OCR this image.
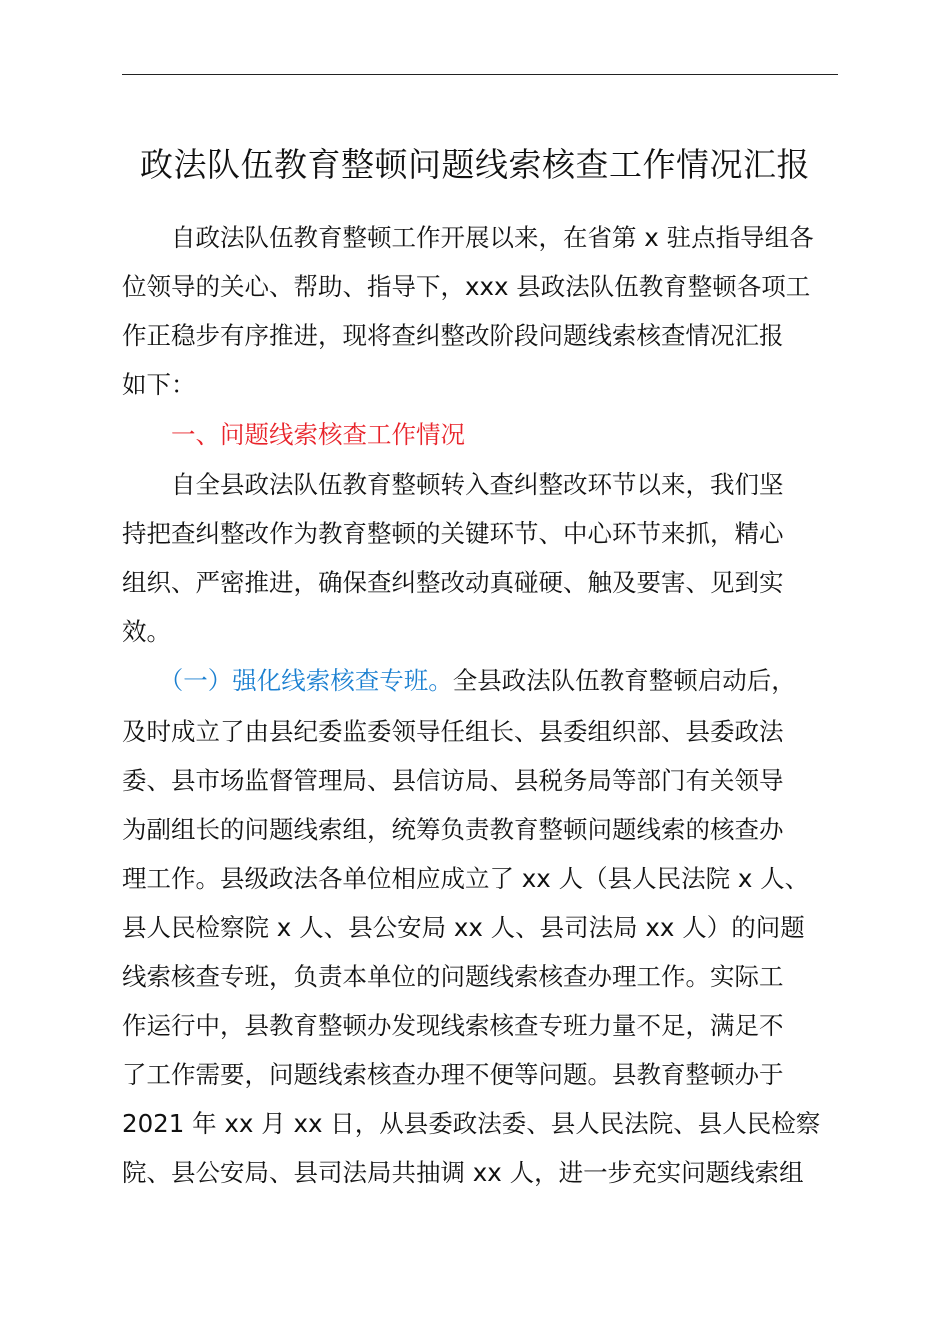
政法队伍教育整顿问题线索核查工作情况汇报
　　自政法队伍教育整顿工作开展以来，在省第 x 驻点指导组各
位领导的关心、帮助、指导下，xxx 县政法队伍教育整顿各项工
作正稳步有序推进，现将查纠整改阶段问题线索核查情况汇报
如下：
　　一、问题线索核查工作情况
　　自全县政法队伍教育整顿转入查纠整改环节以来，我们坚
持把查纠整改作为教育整顿的关键环节、中心环节来抓，精心
组织、严密推进，确保查纠整改动真碰硬、触及要害、见到实
效。
　　（一）强化线索核查专班。全县政法队伍教育整顿启动后，
及时成立了由县纪委监委领导任组长、县委组织部、县委政法
委、县市场监督管理局、县信访局、县税务局等部门有关领导
为副组长的问题线索组，统筹负责教育整顿问题线索的核查办
理工作。县级政法各单位相应成立了 xx 人（县人民法院 x 人、
县人民检察院 x 人、县公安局 xx 人、县司法局 xx 人）的问题
线索核查专班，负责本单位的问题线索核查办理工作。实际工
作运行中，县教育整顿办发现线索核查专班力量不足，满足不
了工作需要，问题线索核查办理不便等问题。县教育整顿办于
2021 年 xx 月 xx 日，从县委政法委、县人民法院、县人民检察
院、县公安局、县司法局共抽调 xx 人，进一步充实问题线索组
